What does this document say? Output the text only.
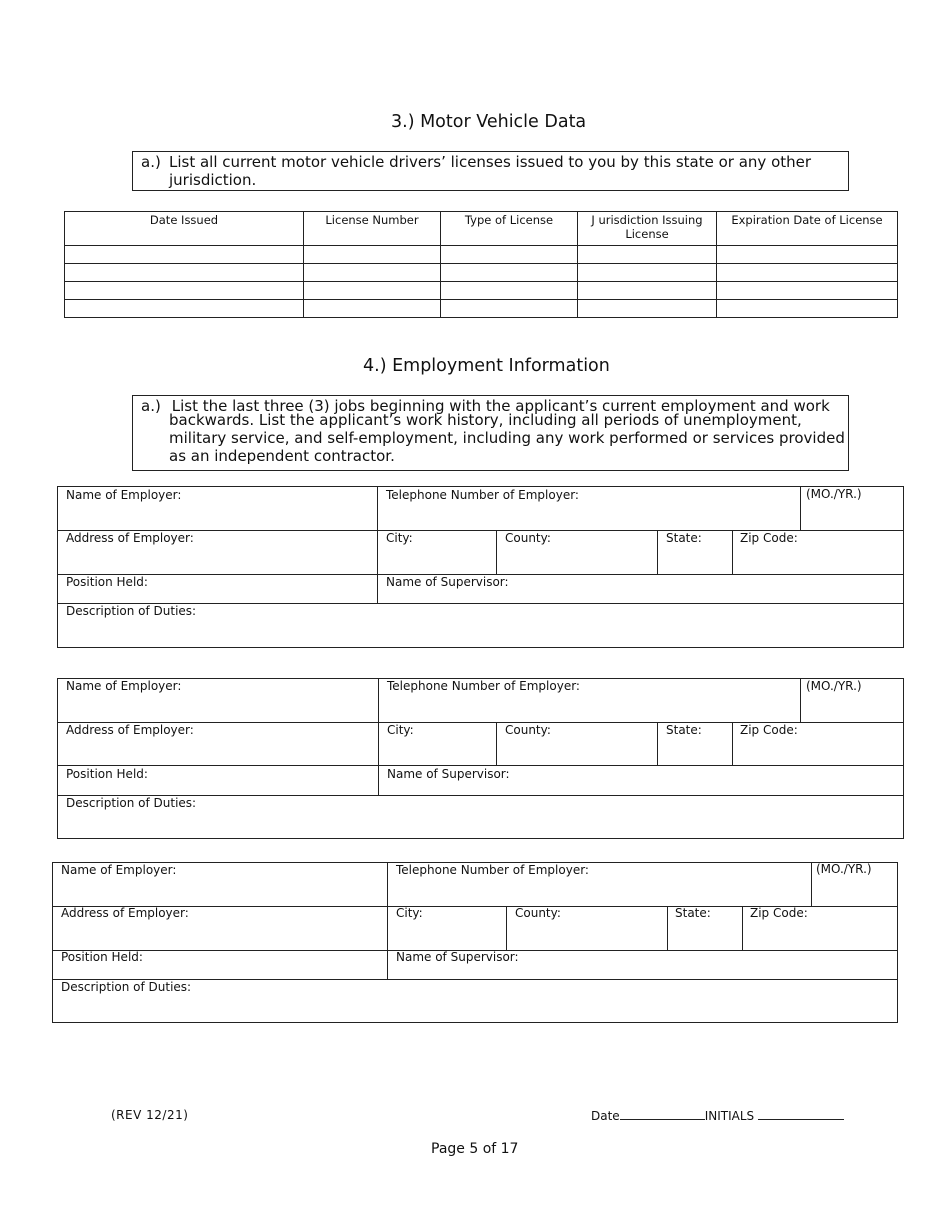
3.) Motor Vehicle Data
a.) List all current motor vehicle drivers’ licenses issued to you by this state or any other
jurisdiction.
Date Issued	License Number	Type of License	J urisdiction Issuing License	Expiration Date of License

4.) Employment Information
a.) List the last three (3) jobs beginning with the applicant’s current employment and work
backwards. List the applicant’s work history, including all periods of unemployment,
military service, and self-employment, including any work performed or services provided
as an independent contractor.
Name of Employer:	Telephone Number of Employer:	(MO./YR.)
Address of Employer:	City:	County:	State:	Zip Code:
Position Held:	Name of Supervisor:
Description of Duties:
Name of Employer:	Telephone Number of Employer:	(MO./YR.)
Address of Employer:	City:	County:	State:	Zip Code:
Position Held:	Name of Supervisor:
Description of Duties:
Name of Employer:	Telephone Number of Employer:	(MO./YR.)
Address of Employer:	City:	County:	State:	Zip Code:
Position Held:	Name of Supervisor:
Description of Duties:
(REV 12/21)	Date	INITIALS
Page 5 of 17
